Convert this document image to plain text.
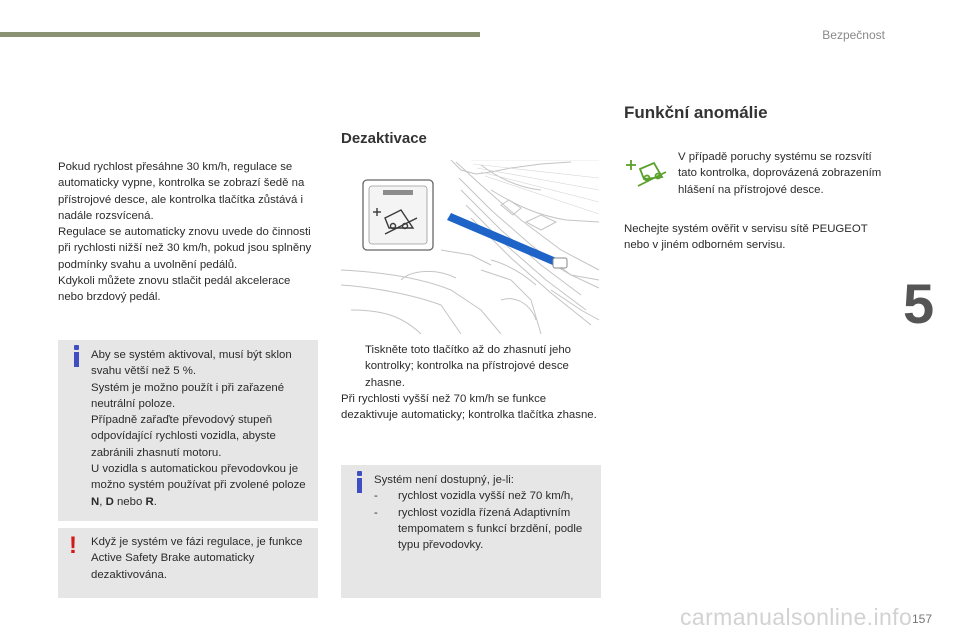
Bezpečnost
5

Pokud rychlost přesáhne 30 km/h, regulace se automaticky vypne, kontrolka se zobrazí šedě na přístrojové desce, ale kontrolka tlačítka zůstává i nadále rozsvícená.

Regulace se automaticky znovu uvede do činnosti při rychlosti nižší než 30 km/h, pokud jsou splněny podmínky svahu a uvolnění pedálů.

Kdykoli můžete znovu stlačit pedál akcelerace nebo brzdový pedál.

Aby se systém aktivoval, musí být sklon svahu větší než 5 %.

Systém je možno použít i při zařazené neutrální poloze.

Případně zařaďte převodový stupeň odpovídající rychlosti vozidla, abyste zabránili zhasnutí motoru.

U vozidla s automatickou převodovkou je možno systém používat při zvolené poloze N, D nebo R.

! Když je systém ve fázi regulace, je funkce Active Safety Brake automaticky dezaktivována.
Dezaktivace
Tiskněte toto tlačítko až do zhasnutí jeho kontrolky; kontrolka na přístrojové desce zhasne.

Při rychlosti vyšší než 70 km/h se funkce dezaktivuje automaticky; kontrolka tlačítka zhasne.

Systém není dostupný, je-li:

- rychlost vozidla vyšší než 70 km/h,
- rychlost vozidla řízená Adaptivním tempomatem s funkcí brzdění, podle typu převodovky.
Funkční anomálie
V případě poruchy systému se rozsvítí tato kontrolka, doprovázená zobrazením hlášení na přístrojové desce.
Nechejte systém ověřit v servisu sítě PEUGEOT nebo v jiném odborném servisu.
carmanualsonline.info 157
